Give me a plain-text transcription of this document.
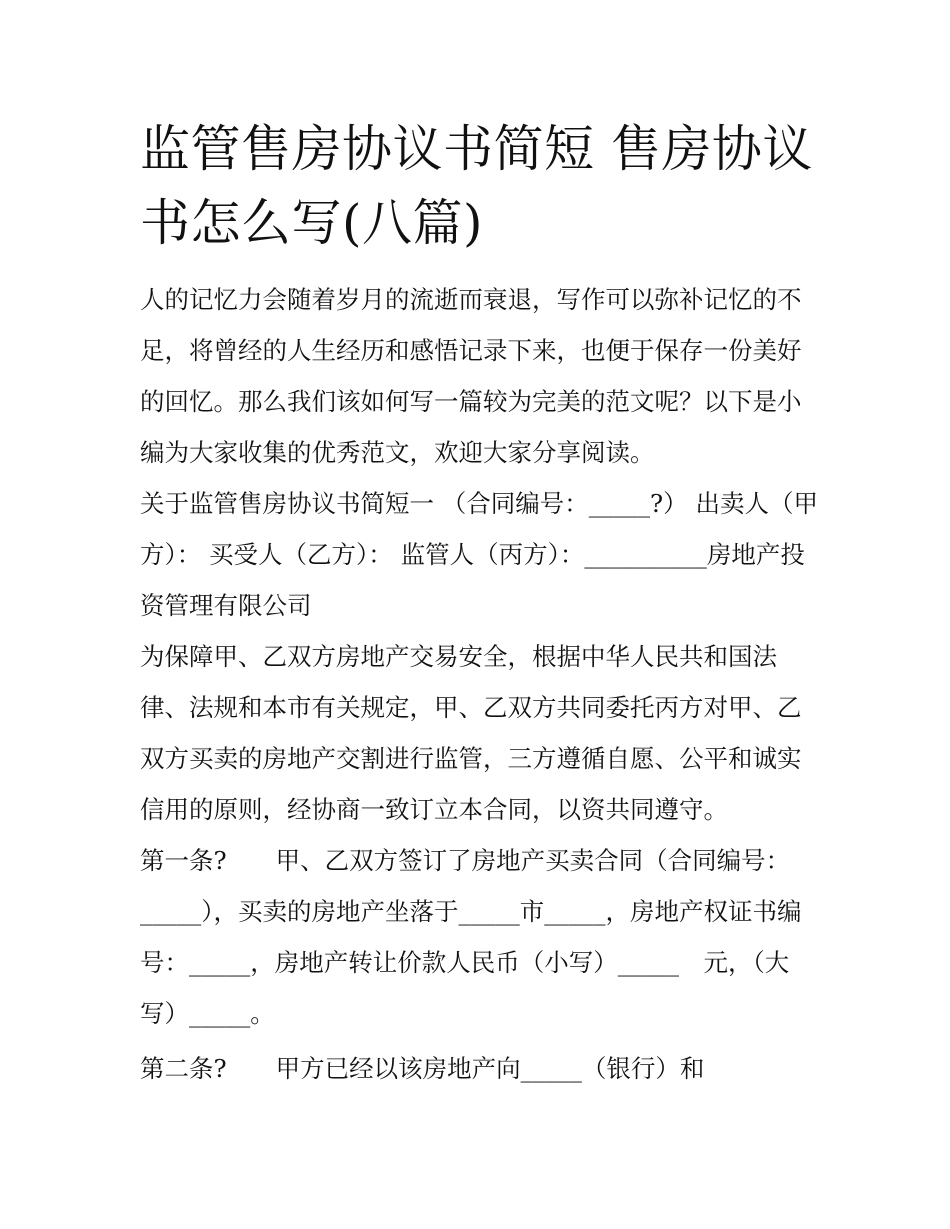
监管售房协议书简短 售房协议书怎么写(八篇)

人的记忆力会随着岁月的流逝而衰退，写作可以弥补记忆的不足，将曾经的人生经历和感悟记录下来，也便于保存一份美好的回忆。那么我们该如何写一篇较为完美的范文呢？以下是小编为大家收集的优秀范文，欢迎大家分享阅读。

关于监管售房协议书简短一 （合同编号：_____?） 出卖人（甲方）： 买受人（乙方）： 监管人（丙方）：__________房地产投资管理有限公司

为保障甲、乙双方房地产交易安全，根据中华人民共和国法律、法规和本市有关规定，甲、乙双方共同委托丙方对甲、乙双方买卖的房地产交割进行监管，三方遵循自愿、公平和诚实信用的原则，经协商一致订立本合同，以资共同遵守。

第一条?　　甲、乙双方签订了房地产买卖合同（合同编号：_____），买卖的房地产坐落于_____市_____，房地产权证书编号：_____，房地产转让价款人民币（小写）_____　元，（大写）_____。

第二条?　　甲方已经以该房地产向_____（银行）和
